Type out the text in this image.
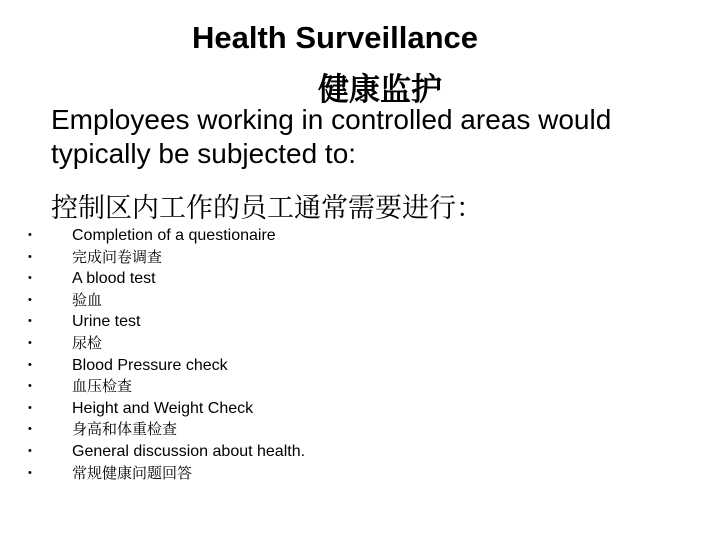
Health Surveillance
健康监护
Employees working in controlled areas would typically be subjected to:
控制区内工作的员工通常需要进行：
•	Completion of a questionaire
•	完成问卷调查
•	A blood test
•	验血
•	Urine test
•	尿检
•	Blood Pressure check
•	血压检查
•	Height and Weight Check
•	身高和体重检查
•	General discussion about health.
•	常规健康问题回答
